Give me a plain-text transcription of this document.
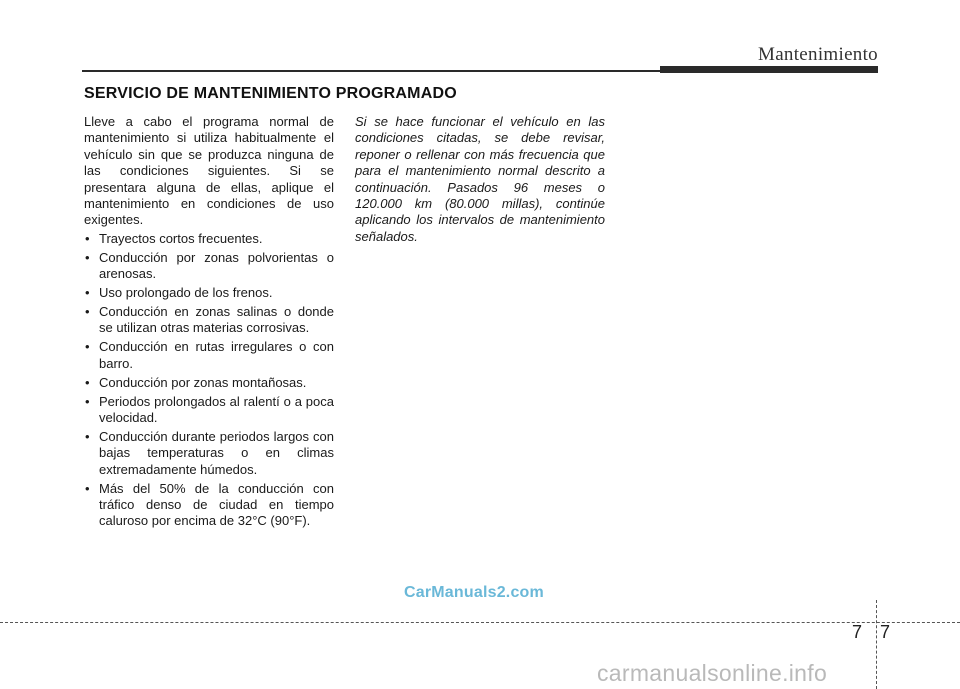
Mantenimiento
SERVICIO DE MANTENIMIENTO PROGRAMADO

Lleve a cabo el programa normal de mantenimiento si utiliza habitualmente el vehículo sin que se produzca ninguna de las condiciones siguientes. Si se presentara alguna de ellas, aplique el mantenimiento en condiciones de uso exigentes.

• Trayectos cortos frecuentes.
• Conducción por zonas polvorientas o arenosas.
• Uso prolongado de los frenos.
• Conducción en zonas salinas o donde se utilizan otras materias corrosivas.
• Conducción en rutas irregulares o con barro.
• Conducción por zonas montañosas.
• Periodos prolongados al ralentí o a poca velocidad.
• Conducción durante periodos largos con bajas temperaturas o en climas extremadamente húmedos.
• Más del 50% de la conducción con tráfico denso de ciudad en tiempo caluroso por encima de 32°C (90°F).

Si se hace funcionar el vehículo en las condiciones citadas, se debe revisar, reponer o rellenar con más frecuencia que para el mantenimiento normal descrito a continuación. Pasados 96 meses o 120.000 km (80.000 millas), continúe aplicando los intervalos de mantenimiento señalados.

CarManuals2.com
7 7
carmanualsonline.info
